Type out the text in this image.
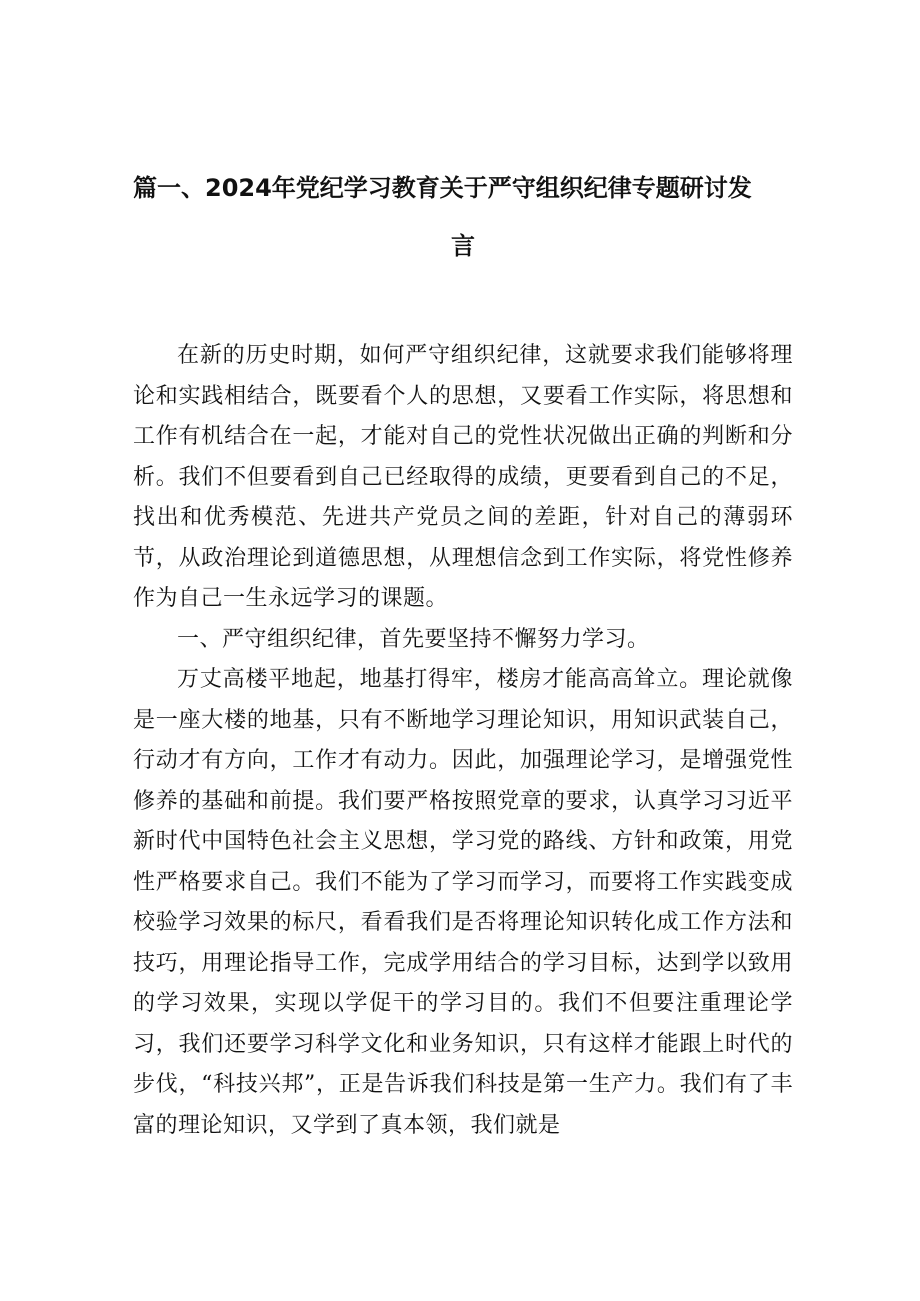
篇一、2024年党纪学习教育关于严守组织纪律专题研讨发
言

在新的历史时期，如何严守组织纪律，这就要求我们能够将理论和实践相结合，既要看个人的思想，又要看工作实际，将思想和工作有机结合在一起，才能对自己的党性状况做出正确的判断和分析。我们不但要看到自己已经取得的成绩，更要看到自己的不足，找出和优秀模范、先进共产党员之间的差距，针对自己的薄弱环节，从政治理论到道德思想，从理想信念到工作实际，将党性修养作为自己一生永远学习的课题。

一、严守组织纪律，首先要坚持不懈努力学习。

万丈高楼平地起，地基打得牢，楼房才能高高耸立。理论就像是一座大楼的地基，只有不断地学习理论知识，用知识武装自己，行动才有方向，工作才有动力。因此，加强理论学习，是增强党性修养的基础和前提。我们要严格按照党章的要求，认真学习习近平新时代中国特色社会主义思想，学习党的路线、方针和政策，用党性严格要求自己。我们不能为了学习而学习，而要将工作实践变成校验学习效果的标尺，看看我们是否将理论知识转化成工作方法和技巧，用理论指导工作，完成学用结合的学习目标，达到学以致用的学习效果，实现以学促干的学习目的。我们不但要注重理论学习，我们还要学习科学文化和业务知识，只有这样才能跟上时代的步伐，“科技兴邦”，正是告诉我们科技是第一生产力。我们有了丰富的理论知识，又学到了真本领，我们就是
